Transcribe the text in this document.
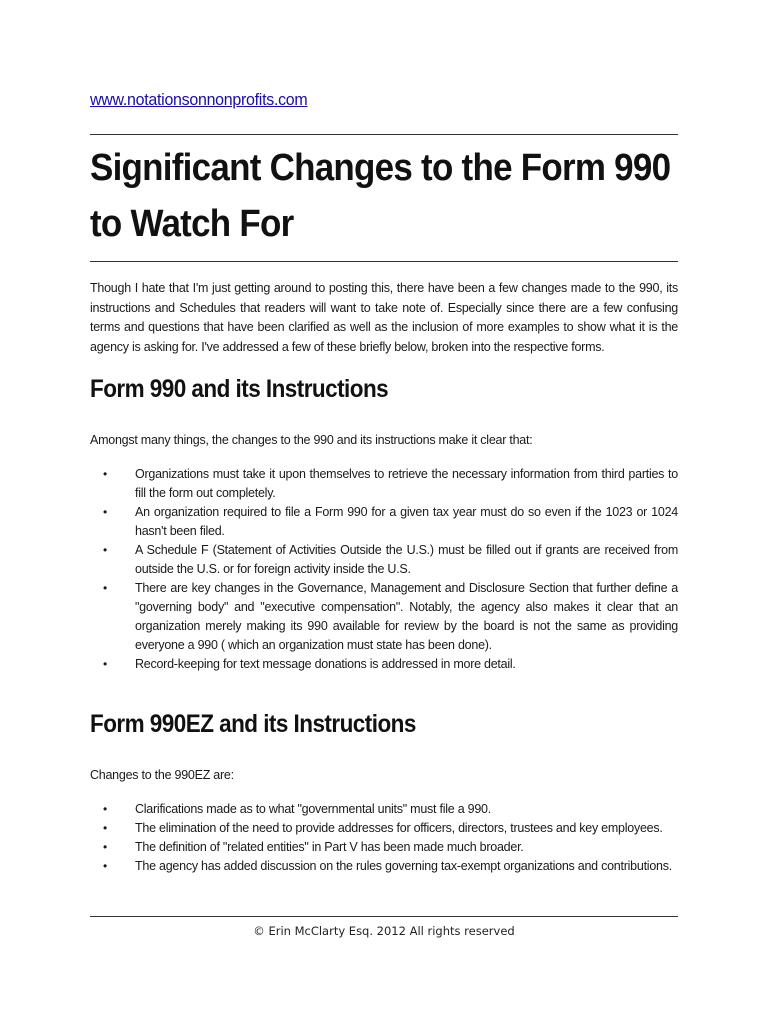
www.notationsonnonprofits.com
Significant Changes to the Form 990
to Watch For

Though I hate that I'm just getting around to posting this, there have been a few changes made to the 990, its instructions and Schedules that readers will want to take note of. Especially since there are a few confusing terms and questions that have been clarified as well as the inclusion of more examples to show what it is the agency is asking for. I've addressed a few of these briefly below, broken into the respective forms.

Form 990 and its Instructions

Amongst many things, the changes to the 990 and its instructions make it clear that:

•	Organizations must take it upon themselves to retrieve the necessary information from third parties to fill the form out completely.
•	An organization required to file a Form 990 for a given tax year must do so even if the 1023 or 1024 hasn't been filed.
•	A Schedule F (Statement of Activities Outside the U.S.) must be filled out if grants are received from outside the U.S. or for foreign activity inside the U.S.
•	There are key changes in the Governance, Management and Disclosure Section that further define a "governing body" and "executive compensation". Notably, the agency also makes it clear that an organization merely making its 990 available for review by the board is not the same as providing everyone a 990 ( which an organization must state has been done).
•	Record-keeping for text message donations is addressed in more detail.
Form 990EZ and its Instructions

Changes to the 990EZ are:

•	Clarifications made as to what "governmental units" must file a 990.
•	The elimination of the need to provide addresses for officers, directors, trustees and key employees.
•	The definition of "related entities" in Part V has been made much broader.
•	The agency has added discussion on the rules governing tax-exempt organizations and contributions.
© Erin McClarty Esq. 2012 All rights reserved
